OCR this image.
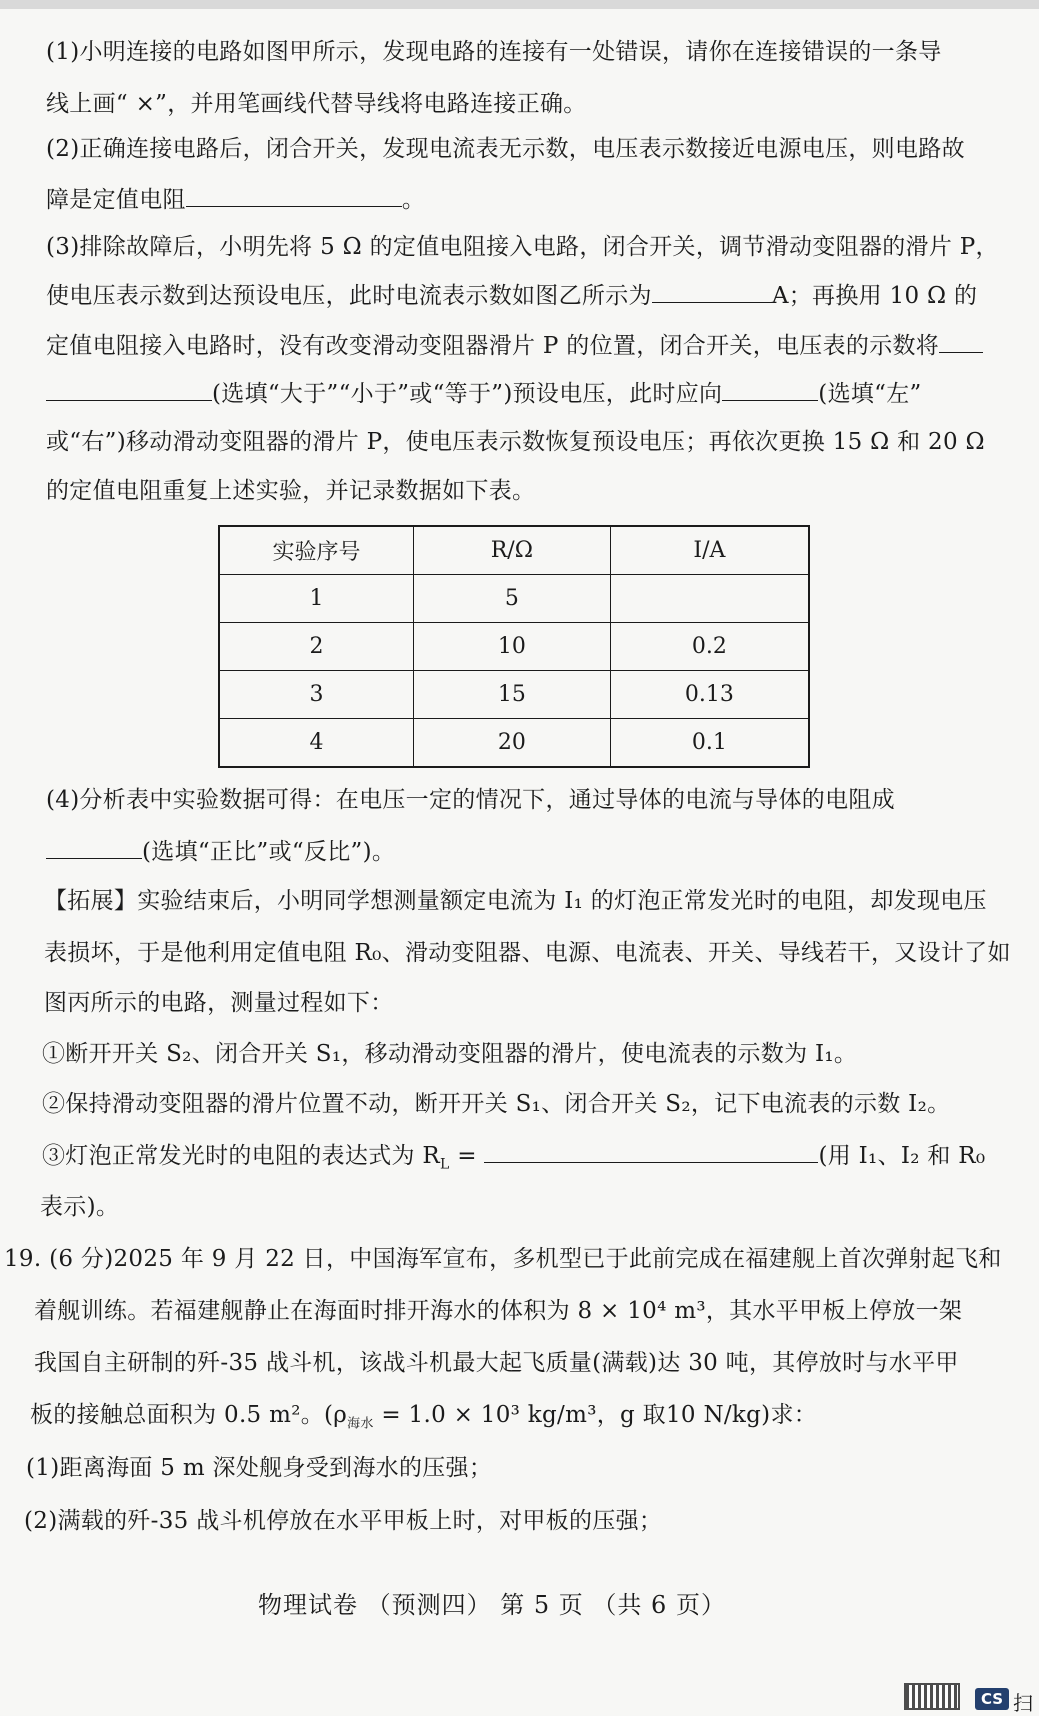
(1)小明连接的电路如图甲所示，发现电路的连接有一处错误，请你在连接错误的一条导
线上画“ ×”，并用笔画线代替导线将电路连接正确。
(2)正确连接电路后，闭合开关，发现电流表无示数，电压表示数接近电源电压，则电路故
障是定值电阻	。
(3)排除故障后，小明先将 5 Ω 的定值电阻接入电路，闭合开关，调节滑动变阻器的滑片 P，
使电压表示数到达预设电压，此时电流表示数如图乙所示为	A；再换用 10 Ω 的
定值电阻接入电路时，没有改变滑动变阻器滑片 P 的位置，闭合开关，电压表的示数将
(选填“大于”“小于”或“等于”)预设电压，此时应向	(选填“左”
或“右”)移动滑动变阻器的滑片 P，使电压表示数恢复预设电压；再依次更换 15 Ω 和 20 Ω
的定值电阻重复上述实验，并记录数据如下表。
实验序号	R/Ω	I/A
1	5	
2	10	0.2
3	15	0.13
4	20	0.1
(4)分析表中实验数据可得：在电压一定的情况下，通过导体的电流与导体的电阻成
(选填“正比”或“反比”)。
【拓展】实验结束后，小明同学想测量额定电流为 I₁ 的灯泡正常发光时的电阻，却发现电压
表损坏，于是他利用定值电阻 R₀、滑动变阻器、电源、电流表、开关、导线若干，又设计了如
图丙所示的电路，测量过程如下：
①断开开关 S₂、闭合开关 S₁，移动滑动变阻器的滑片，使电流表的示数为 I₁。
②保持滑动变阻器的滑片位置不动，断开开关 S₁、闭合开关 S₂，记下电流表的示数 I₂。
③灯泡正常发光时的电阻的表达式为 $R_L$ =	(用 I₁、I₂ 和 R₀
表示)。
19. (6 分)2025 年 9 月 22 日，中国海军宣布，多机型已于此前完成在福建舰上首次弹射起飞和
着舰训练。若福建舰静止在海面时排开海水的体积为 8 × 10⁴ m³，其水平甲板上停放一架
我国自主研制的歼-35 战斗机，该战斗机最大起飞质量(满载)达 30 吨，其停放时与水平甲
板的接触总面积为 0.5 m²。($\rho_{海水} = 1.0 \times 10^3$ kg/m³，g 取10 N/kg)求：
(1)距离海面 5 m 深处舰身受到海水的压强；
(2)满载的歼-35 战斗机停放在水平甲板上时，对甲板的压强；
物理试卷 （预测四） 第 5 页 （共 6 页）
CS 扫
